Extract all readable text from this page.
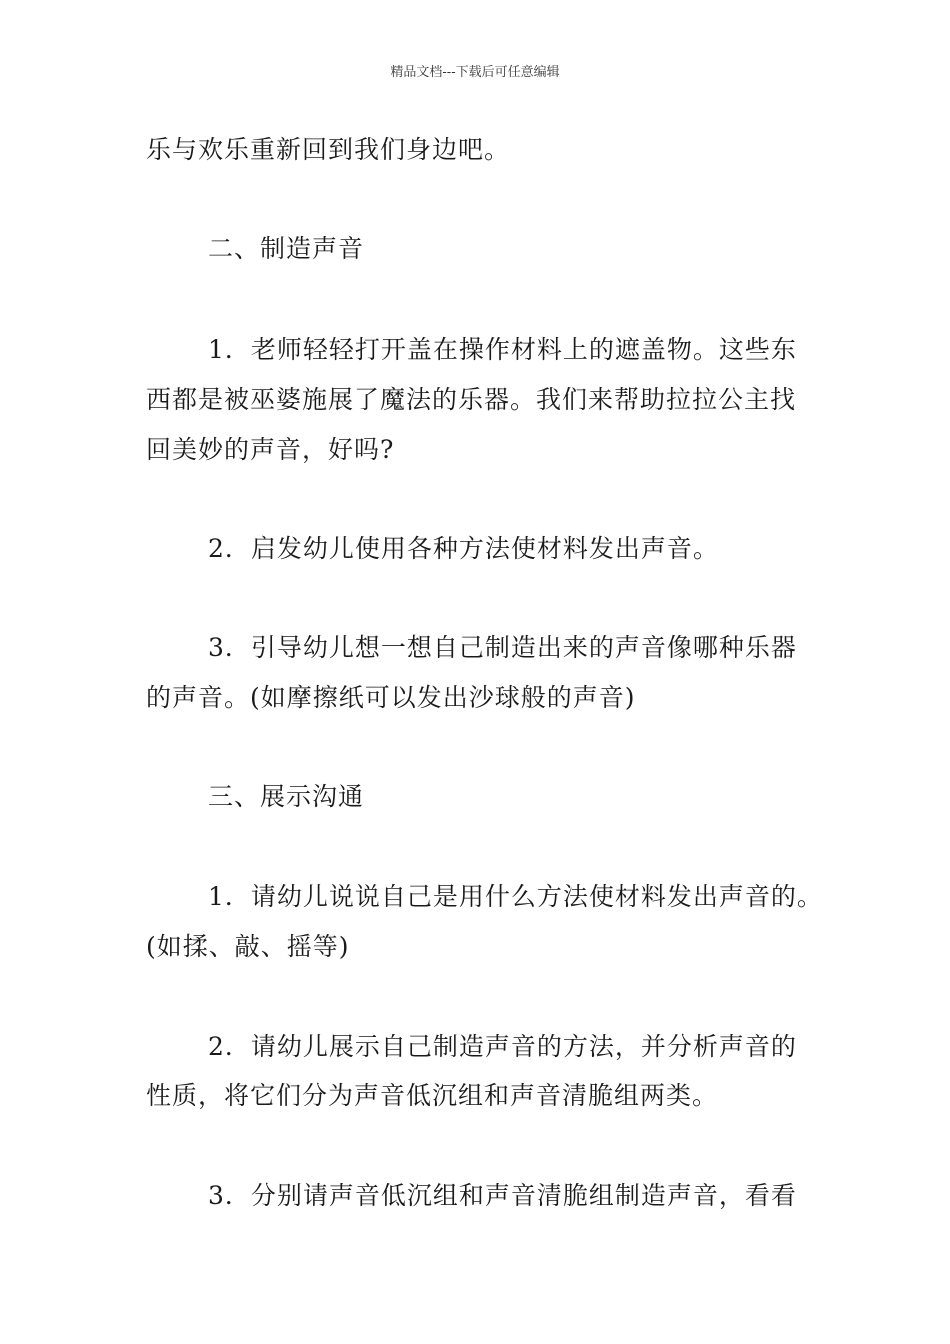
精品文档---下载后可任意编辑
乐与欢乐重新回到我们身边吧。
二、制造声音
1．老师轻轻打开盖在操作材料上的遮盖物。这些东
西都是被巫婆施展了魔法的乐器。我们来帮助拉拉公主找
回美妙的声音，好吗?
2．启发幼儿使用各种方法使材料发出声音。
3．引导幼儿想一想自己制造出来的声音像哪种乐器
的声音。(如摩擦纸可以发出沙球般的声音)
三、展示沟通
1．请幼儿说说自己是用什么方法使材料发出声音的。
(如揉、敲、摇等)
2．请幼儿展示自己制造声音的方法，并分析声音的
性质，将它们分为声音低沉组和声音清脆组两类。
3．分别请声音低沉组和声音清脆组制造声音，看看
